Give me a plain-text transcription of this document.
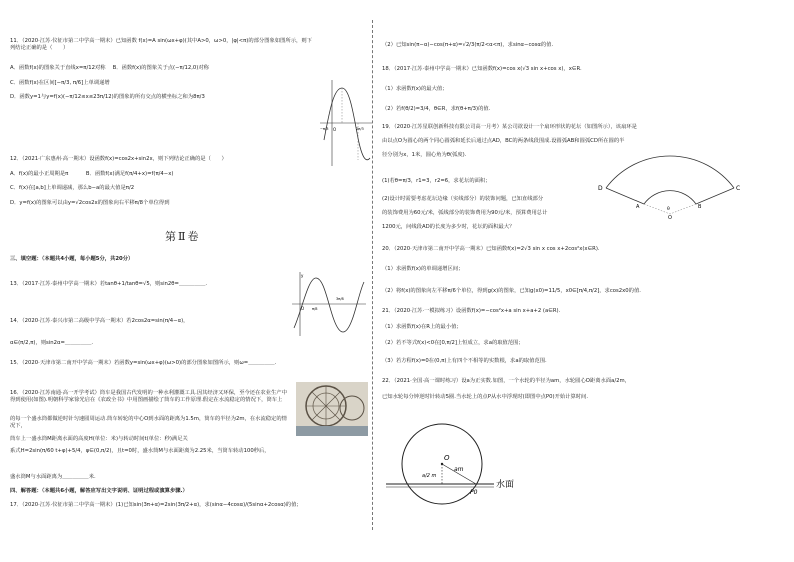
11．（2020·江苏·仪征市第二中学高一期末）已知函数 f(x)=A sin(ωx+φ)(其中A>0，ω>0，|φ|<π)的部分图象如图所示，则下列结论正确的是（　　）
A．函数f(x)的图象关于直线x=π/12对称　 B．函数f(x)的图象关于点(−π/12,0)对称
C．函数f(x)在区间[−π/3, π/6]上单调递增
D．函数y=1与y=f(x)(−π/12≤x≤23π/12)的图象的所有交点的横坐标之和为8π/3
12．（2021·广东惠州·高一期末）设函数f(x)=cos2x+sin2x，则下列结论正确的是（　　）
A．f(x)的最小正周期是π　　　	B．函数f(x)满足f(π/4+x)=f(π/4−x)
C．f(x)在[a,b]上单调递减，那么b−a的最大值是π/2
D．y=f(x)的图象可以由y=√2cos2x的图象向右平移π/8个单位得到
第Ⅱ卷
三、填空题：（本题共4小题，每小题5分，共20分）
13．（2017·江苏·泰州中学高一期末）若tanθ+1/tanθ=√5，则sin2θ=＿＿＿＿＿.
14．（2020·江苏·泰兴市第二高级中学高一期末）若2cos2α=sin(π/4−α)，
α∈(π/2,π)，则sin2α=＿＿＿＿＿.
15．（2020·天津市第二南开中学高一期末）若函数y=sin(ωx+φ)(ω>0)的部分图象如图所示，则ω=＿＿＿＿＿.
16．（2020·江苏南通·高一开学考试）筒车是我国古代发明的一种水利灌溉工具.因其经济又环保，至今还在农业生产中得到使用(如图).明朝科学家徐光启在《农政全书》中用图画描绘了筒车的工作原理.假定在水流稳定的情况下，筒车上
的每一个盛水筒都做逆时针匀速圆周运动.筒车转轮的中心O到水面的距离为1.5m，筒车的半径为2m，在水流稳定的情况下，
筒车上一盛水筒M距离水面的高度H(单位：米)与转动时间t(单位：秒)满足关
系式H=2sin(π/60 t+φ)+5/4，φ∈(0,π/2)，且t=0时，盛水筒M与水面距离为2.25米，当筒车转动100秒后，
盛水筒M与水面距离为＿＿＿＿＿米.
四、解答题：（本题共6小题，解答应写出文字说明、证明过程或演算步骤.）
17．（2020·江苏·仪征市第二中学高一期末）(1)已知sin(3π+α)=2sin(3π/2+α)，求(sinα−4cosα)/(5sinα+2cosα)的值；
O
−π/3	2π/3
y
O π/8
3π/8
（2）已知sin(π−α)−cos(π+α)=√2/3(π/2<α<π)，求sinα−cosα的值.
18．（2017·江苏·泰州中学高一期末）已知函数f(x)=cos x(√3 sin x+cos x)，x∈R.
（1）求函数f(x)的最大值；
（2）若f(θ/2)=3/4，θ∈R，求f(θ+π/3)的值.
19．（2020·江苏星联创新科技有限公司高一月考）某公司欲设计一个扇环形状的花坛（如图所示），该扇环是
由以点O为圆心的两个同心圆弧和延长后通过点AD，BC的两条线段围成.设圆弧AB和圆弧CD所在圆的半
径分别为x，1米，圆心角为θ(弧度).
(1)若θ=π/3，r1=3，r2=6，求花坛的面积；
(2)设计时需要考虑花坛边缘（实线部分）的装饰问题，已知直线部分
的装饰费用为60元/米，弧线部分的装饰费用为90元/米，预算费用总计
1200元，问线段AD的长度为多少时，花坛的面积最大？
20．（2020·天津市第二南开中学高一期末）已知函数f(x)=2√3 sin x cos x+2cos²x(x∈R).
（1）求函数f(x)的单调递增区间；
（2）将f(x)的图象向左平移π/6个单位，得到g(x)的图象，已知g(x0)=11/5，x0∈[π/4,π/2]，求cos2x0的值.
21．（2020·江苏·一模拟练习）设函数f(x)=−cos²x+a sin x+a+2 (a∈R).
（1）求函数f(x)在R上的最小值；
（2）若不等式f(x)<0在[0,π/2]上恒成立，求a的取值范围；
（3）若方程f(x)=0在(0,π)上有四个不相等的实数根，求a的取值范围.
22．（2021·全国·高一课时练习）设a为正实数.如图，一个水轮的半径为am，水轮圆心O距离水面a/2m，
已知水轮每分钟逆时针转动5圈.当水轮上的点P从水中浮现时(即图中点P0)开始计算时间.
D	C
A	B
O
θ
O
am
a/2 m
P0
水面
